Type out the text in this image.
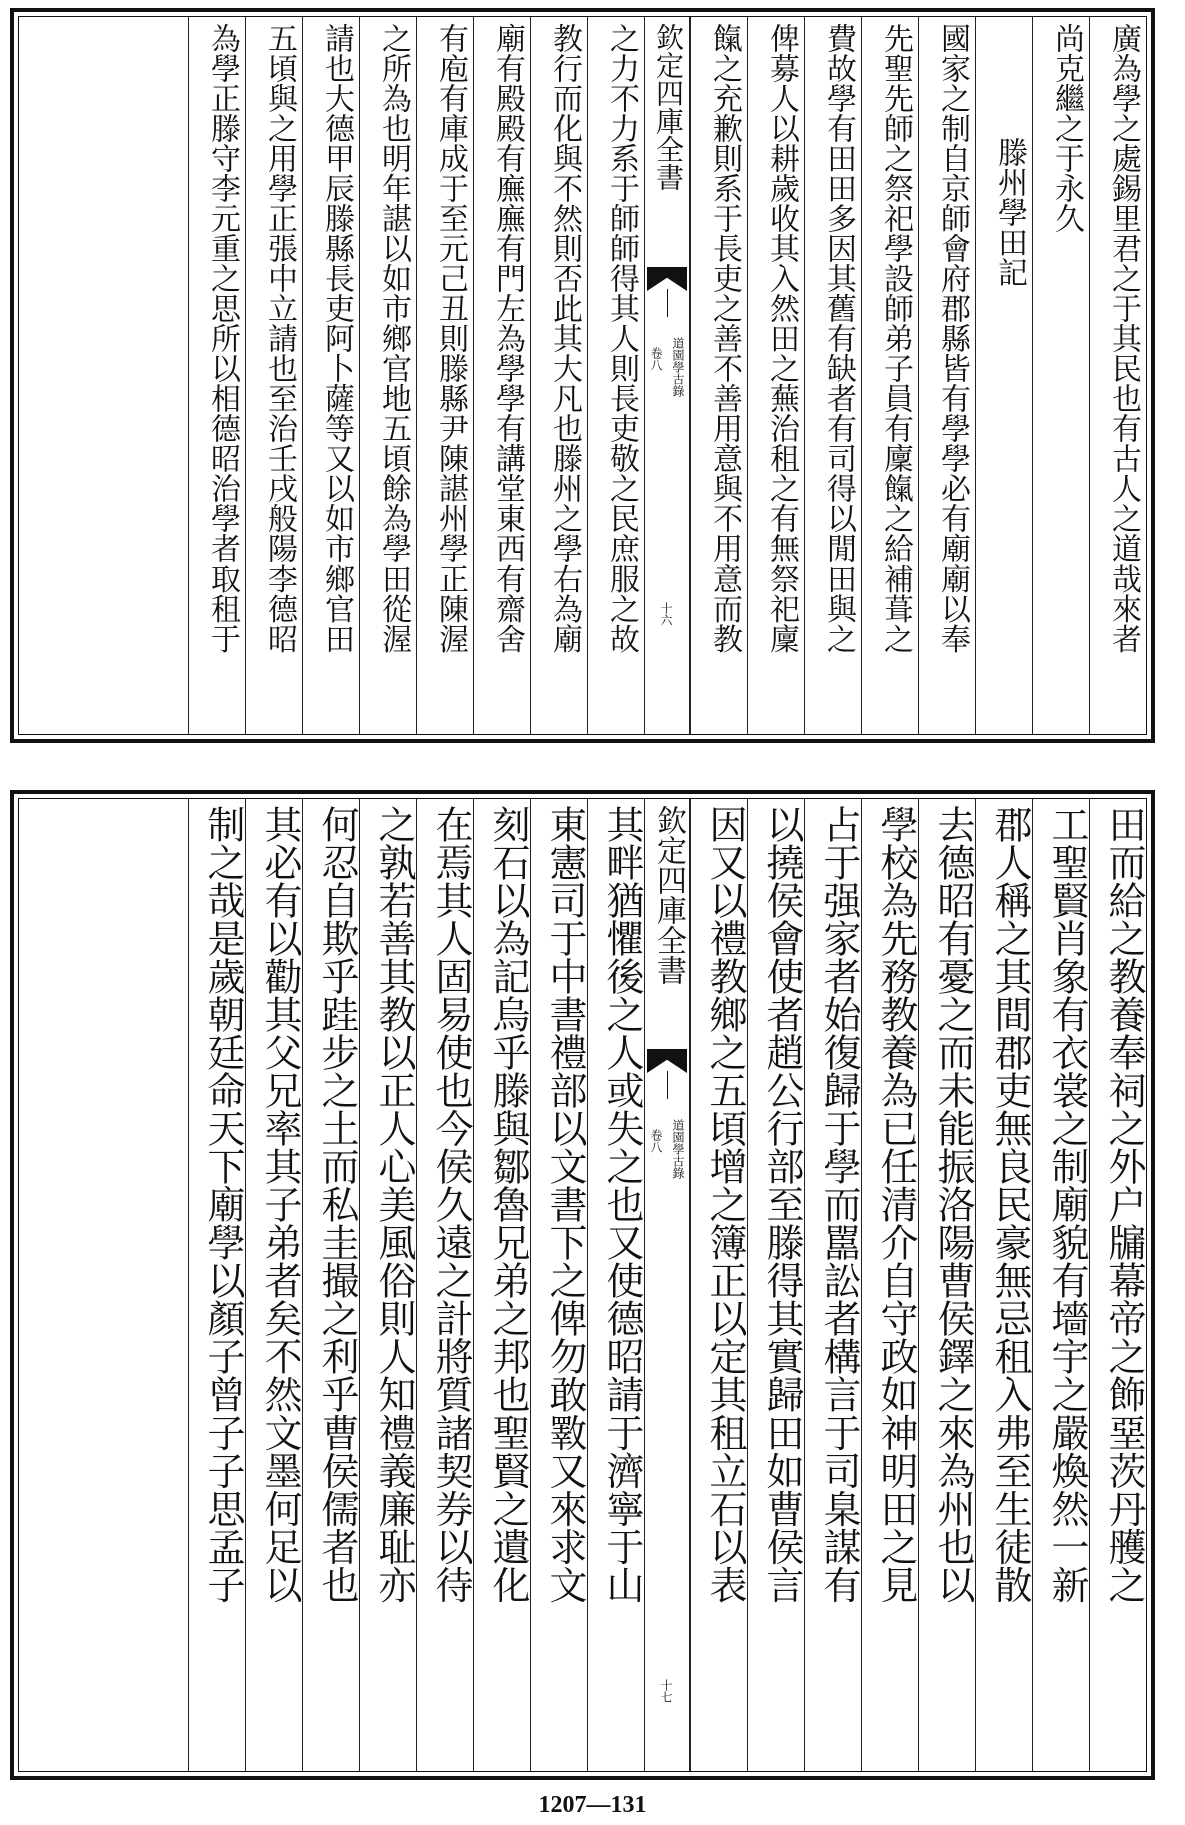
廣為學之處錫里君之于其民也有古人之道哉來者
尚克繼之于永久
滕州學田記
國家之制自京師會府郡縣皆有學學必有廟廟以奉
先聖先師之祭祀學設師弟子員有廩餼之給補葺之
費故學有田田多因其舊有缺者有司得以閒田與之
俾募人以耕歲收其入然田之蕪治租之有無祭祀廩
餼之充歉則系于長吏之善不善用意與不用意而教
欽定四庫全書
道園學古錄
卷八
十六
之力不力系于師師得其人則長吏敬之民庶服之故
教行而化與不然則否此其大凡也滕州之學右為廟
廟有殿殿有廡廡有門左為學學有講堂東西有齋舍
有庖有庫成于至元己丑則滕縣尹陳諶州學正陳渥
之所為也明年諶以如市鄉官地五頃餘為學田從渥
請也大德甲辰滕縣長吏阿卜薩等又以如市鄉官田
五頃與之用學正張中立請也至治壬戌般陽李德昭
為學正滕守李元重之思所以相德昭治學者取租于
田而給之教養奉祠之外户牖幕帝之飾堊茨丹雘之
工聖賢肖象有衣裳之制廟貌有墻宇之嚴煥然一新
郡人稱之其間郡吏無良民豪無忌租入弗至生徒散
去德昭有憂之而未能振洛陽曹侯鐸之來為州也以
學校為先務教養為已任清介自守政如神明田之見
占于强家者始復歸于學而嚚訟者構言于司臬謀有
以撓侯會使者趙公行部至滕得其實歸田如曹侯言
因又以禮教鄉之五頃增之簿正以定其租立石以表
欽定四庫全書
道園學古錄
卷八
十七
其畔猶懼後之人或失之也又使德昭請于濟寧于山
東憲司于中書禮部以文書下之俾勿敢斁又來求文
刻石以為記烏乎滕與鄒魯兄弟之邦也聖賢之遺化
在焉其人固易使也今侯久遠之計將質諸契券以待
之孰若善其教以正人心美風俗則人知禮義廉耻亦
何忍自欺乎跬步之土而私圭撮之利乎曹侯儒者也
其必有以勸其父兄率其子弟者矣不然文墨何足以
制之哉是歲朝廷命天下廟學以顏子曾子子思孟子
1207—131
